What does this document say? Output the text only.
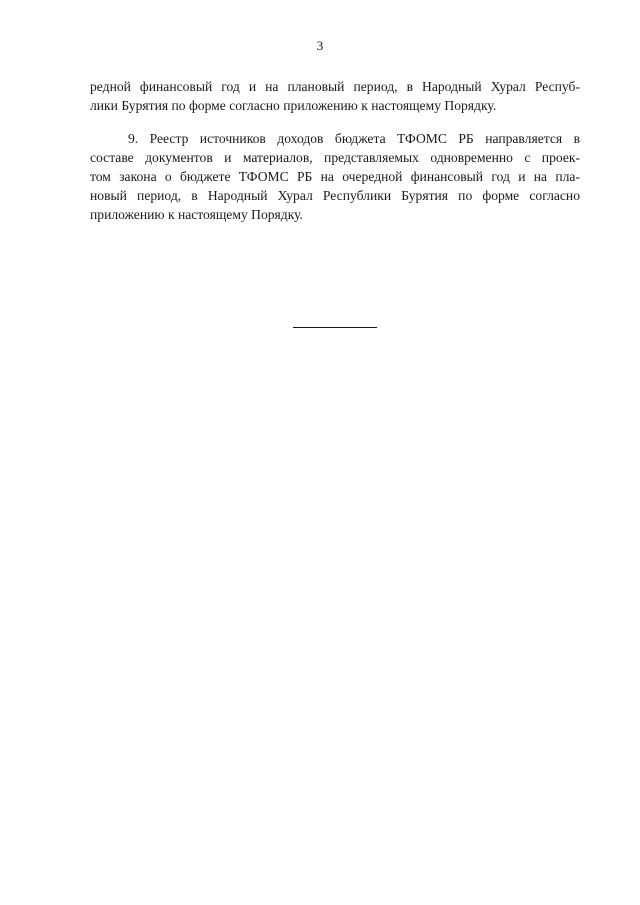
3
редной финансовый год и на плановый период, в Народный Хурал Респуб-
лики Бурятия по форме согласно приложению к настоящему Порядку.
9. Реестр источников доходов бюджета ТФОМС РБ направляется в
составе документов и материалов, представляемых одновременно с проек-
том закона о бюджете ТФОМС РБ на очередной финансовый год и на пла-
новый период, в Народный Хурал Республики Бурятия по форме согласно
приложению к настоящему Порядку.
